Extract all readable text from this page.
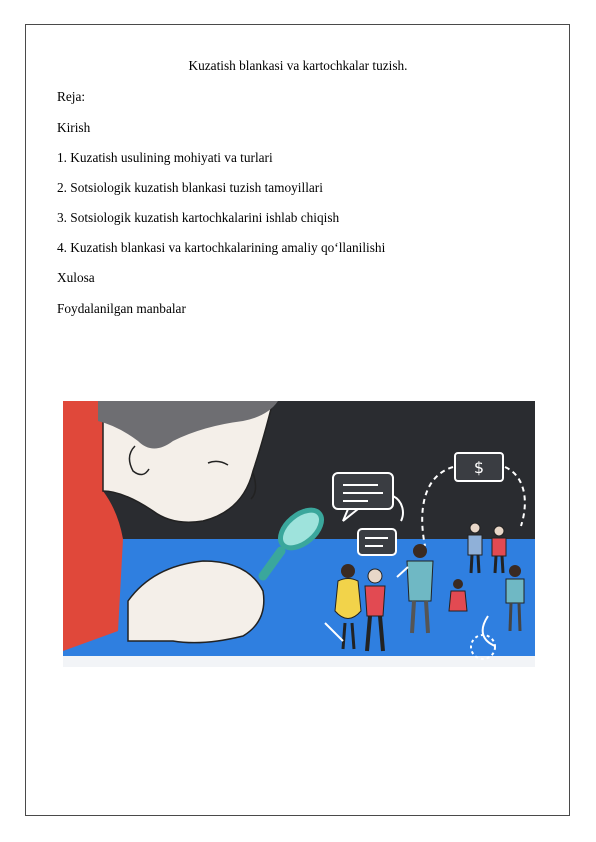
Kuzatish blankasi va kartochkalar tuzish.
Reja:
Kirish
1. Kuzatish usulining mohiyati va turlari
2. Sotsiologik kuzatish blankasi tuzish tamoyillari
3. Sotsiologik kuzatish kartochkalarini ishlab chiqish
4. Kuzatish blankasi va kartochkalarining amaliy qo‘llanilishi
Xulosa
Foydalanilgan manbalar
$
